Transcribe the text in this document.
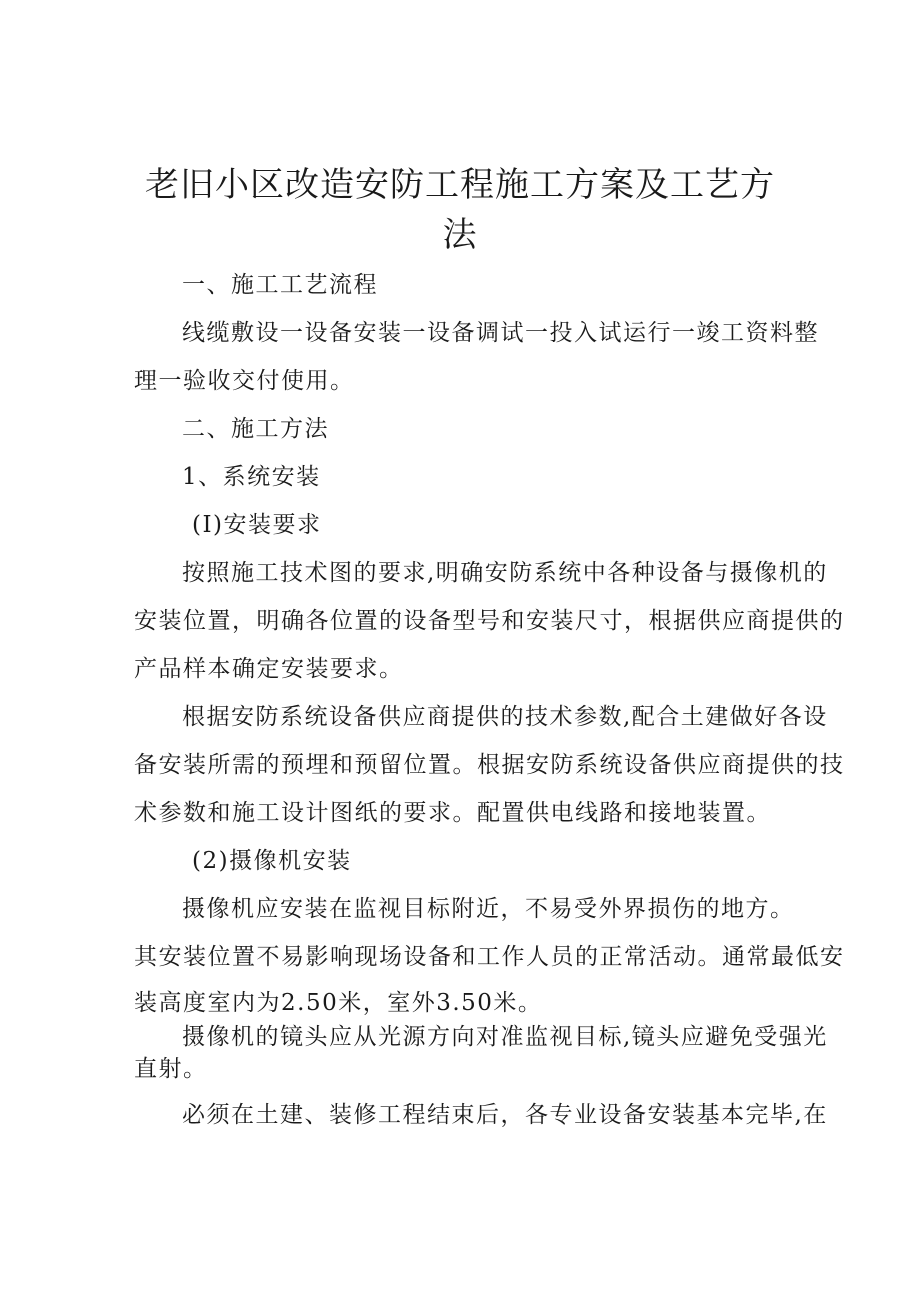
老旧小区改造安防工程施工方案及工艺方
法
一、施工工艺流程
线缆敷设一设备安装一设备调试一投入试运行一竣工资料整
理一验收交付使用。
二、施工方法
1、系统安装
(I)安装要求
按照施工技术图的要求,明确安防系统中各种设备与摄像机的
安装位置，明确各位置的设备型号和安装尺寸，根据供应商提供的
产品样本确定安装要求。
根据安防系统设备供应商提供的技术参数,配合土建做好各设
备安装所需的预埋和预留位置。根据安防系统设备供应商提供的技
术参数和施工设计图纸的要求。配置供电线路和接地装置。
(2)摄像机安装
摄像机应安装在监视目标附近，不易受外界损伤的地方。
其安装位置不易影响现场设备和工作人员的正常活动。通常最低安
装高度室内为2.50米，室外3.50米。
摄像机的镜头应从光源方向对准监视目标,镜头应避免受强光
直射。
必须在土建、装修工程结束后，各专业设备安装基本完毕,在
